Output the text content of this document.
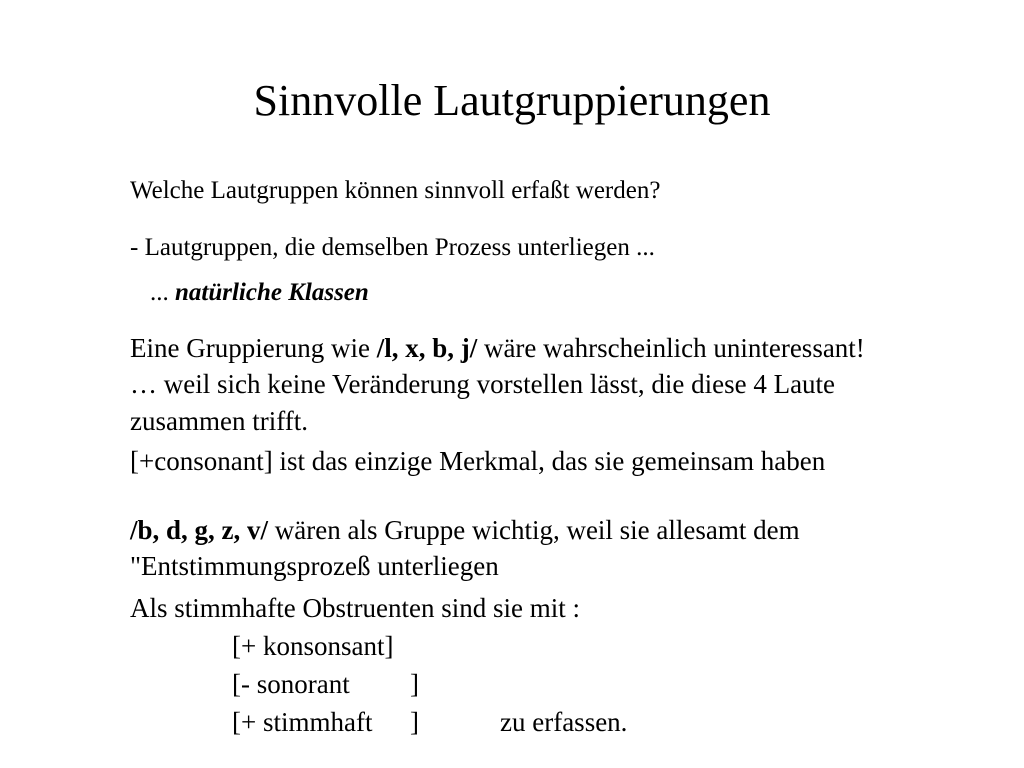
Sinnvolle Lautgruppierungen
Welche Lautgruppen können sinnvoll erfaßt werden?
- Lautgruppen, die demselben Prozess unterliegen ...
... natürliche Klassen
Eine Gruppierung wie /l, x, b, j/ wäre wahrscheinlich uninteressant!
… weil sich keine Veränderung vorstellen lässt, die diese 4 Laute
zusammen trifft.
[+consonant] ist das einzige Merkmal, das sie gemeinsam haben
/b, d, g, z, v/ wären als Gruppe wichtig, weil sie allesamt dem
"Entstimmungsprozeß unterliegen
Als stimmhafte Obstruenten sind sie mit :
[+ konsonsant]
[- sonorant ]
[+ stimmhaft ]	zu erfassen.
